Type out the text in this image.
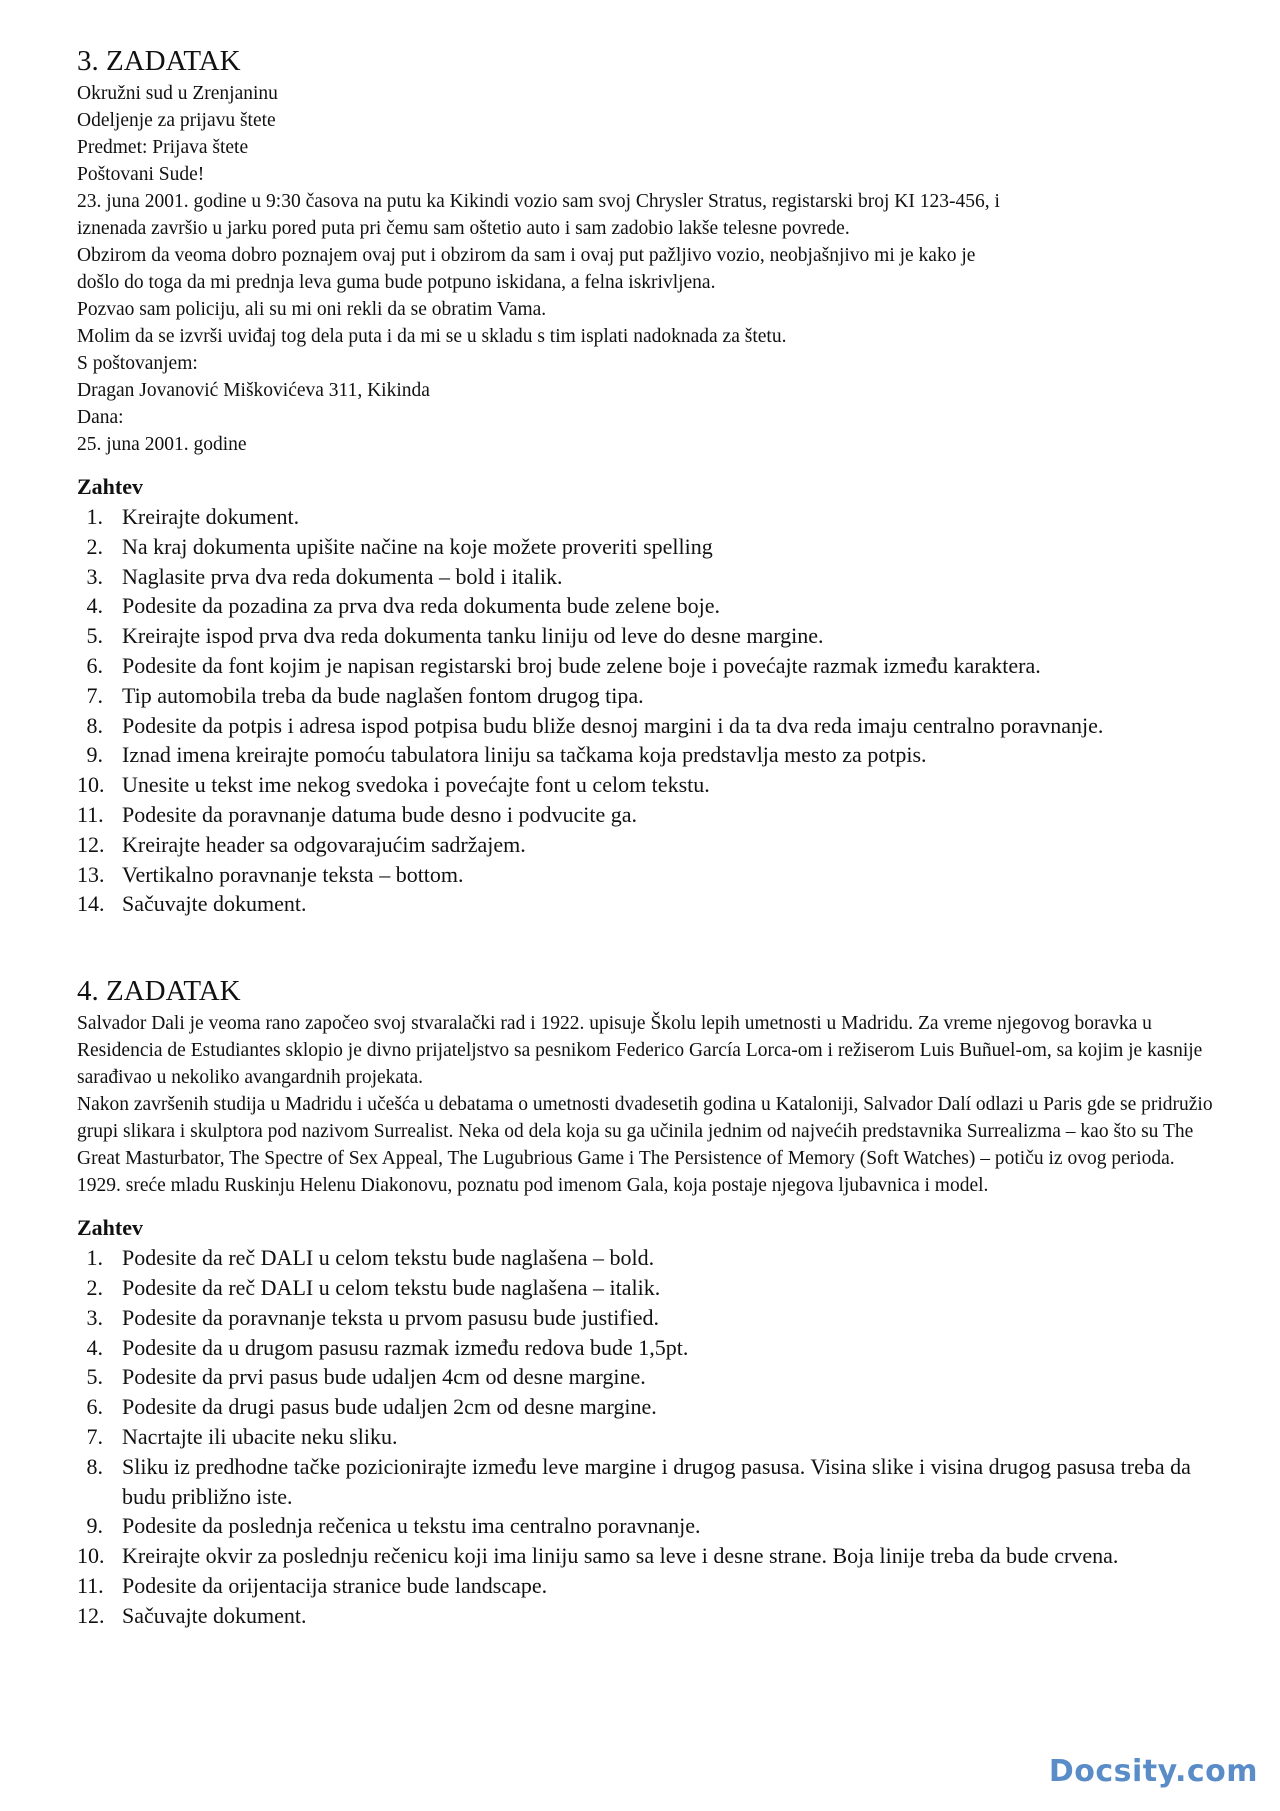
3. ZADATAK

Okružni sud u Zrenjaninu

Odeljenje za prijavu štete

Predmet: Prijava štete

Poštovani Sude!

23. juna 2001. godine u 9:30 časova na putu ka Kikindi vozio sam svoj Chrysler Stratus, registarski broj KI 123-456, i

iznenada završio u jarku pored puta pri čemu sam oštetio auto i sam zadobio lakše telesne povrede.

Obzirom da veoma dobro poznajem ovaj put i obzirom da sam i ovaj put pažljivo vozio, neobjašnjivo mi je kako je

došlo do toga da mi prednja leva guma bude potpuno iskidana, a felna iskrivljena.

Pozvao sam policiju, ali su mi oni rekli da se obratim Vama.

Molim da se izvrši uviđaj tog dela puta i da mi se u skladu s tim isplati nadoknada za štetu.

S poštovanjem:

Dragan Jovanović Miškovićeva 311, Kikinda

Dana:

25. juna 2001. godine

Zahtev
1. Kreirajte dokument.
2. Na kraj dokumenta upišite načine na koje možete proveriti spelling
3. Naglasite prva dva reda dokumenta – bold i italik.
4. Podesite da pozadina za prva dva reda dokumenta bude zelene boje.
5. Kreirajte ispod prva dva reda dokumenta tanku liniju od leve do desne margine.
6. Podesite da font kojim je napisan registarski broj bude zelene boje i povećajte razmak između karaktera.
7. Tip automobila treba da bude naglašen fontom drugog tipa.
8. Podesite da potpis i adresa ispod potpisa budu bliže desnoj margini i da ta dva reda imaju centralno poravnanje.
9. Iznad imena kreirajte pomoću tabulatora liniju sa tačkama koja predstavlja mesto za potpis.
10. Unesite u tekst ime nekog svedoka i povećajte font u celom tekstu.
11. Podesite da poravnanje datuma bude desno i podvucite ga.
12. Kreirajte header sa odgovarajućim sadržajem.
13. Vertikalno poravnanje teksta – bottom.
14. Sačuvajte dokument.
4. ZADATAK

Salvador Dali je veoma rano započeo svoj stvaralački rad i 1922. upisuje Školu lepih umetnosti u Madridu. Za vreme njegovog boravka u Residencia de Estudiantes sklopio je divno prijateljstvo sa pesnikom Federico García Lorca-om i režiserom Luis Buñuel-om, sa kojim je kasnije sarađivao u nekoliko avangardnih projekata.

Nakon završenih studija u Madridu i učešća u debatama o umetnosti dvadesetih godina u Kataloniji, Salvador Dalí odlazi u Paris gde se pridružio grupi slikara i skulptora pod nazivom Surrealist. Neka od dela koja su ga učinila jednim od najvećih predstavnika Surrealizma – kao što su The Great Masturbator, The Spectre of Sex Appeal, The Lugubrious Game i The Persistence of Memory (Soft Watches) – potiču iz ovog perioda. 1929. sreće mladu Ruskinju Helenu Diakonovu, poznatu pod imenom Gala, koja postaje njegova ljubavnica i model.

Zahtev
1. Podesite da reč DALI u celom tekstu bude naglašena – bold.
2. Podesite da reč DALI u celom tekstu bude naglašena – italik.
3. Podesite da poravnanje teksta u prvom pasusu bude justified.
4. Podesite da u drugom pasusu razmak između redova bude 1,5pt.
5. Podesite da prvi pasus bude udaljen 4cm od desne margine.
6. Podesite da drugi pasus bude udaljen 2cm od desne margine.
7. Nacrtajte ili ubacite neku sliku.
8. Sliku iz predhodne tačke pozicionirajte između leve margine i drugog pasusa. Visina slike i visina drugog pasusa treba da budu približno iste.
9. Podesite da poslednja rečenica u tekstu ima centralno poravnanje.
10. Kreirajte okvir za poslednju rečenicu koji ima liniju samo sa leve i desne strane. Boja linije treba da bude crvena.
11. Podesite da orijentacija stranice bude landscape.
12. Sačuvajte dokument.
Docsity.com
